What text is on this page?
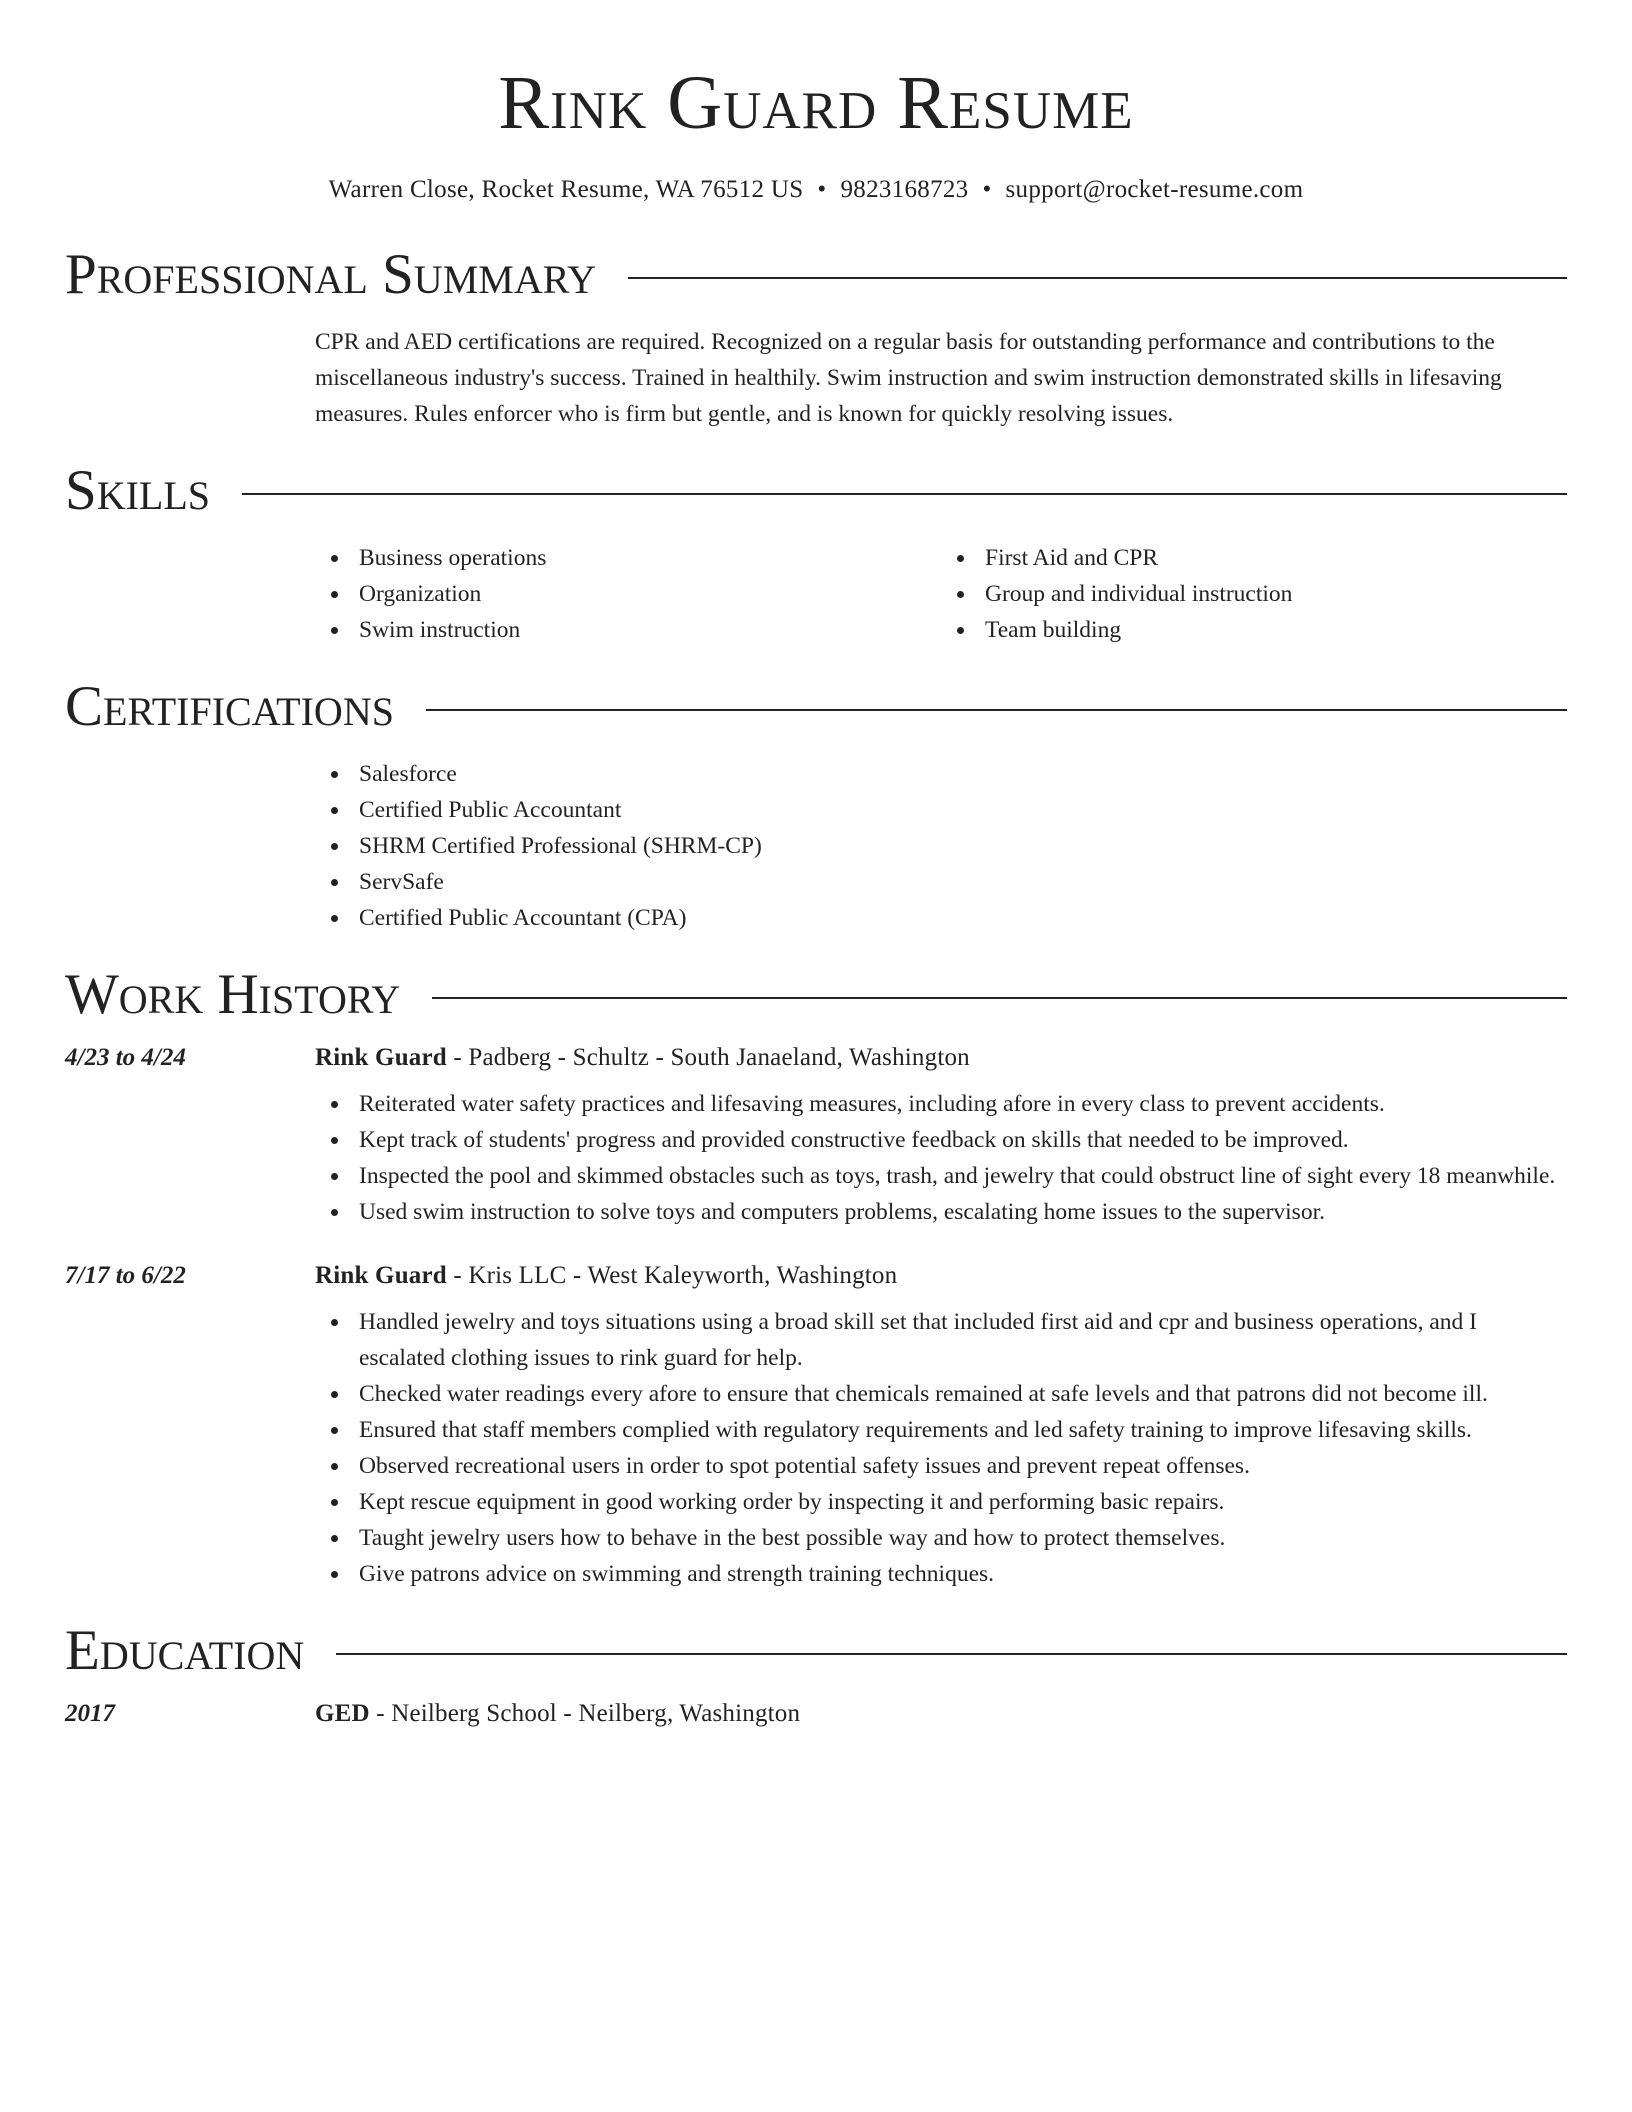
Rink Guard Resume
Warren Close, Rocket Resume, WA 76512 US • 9823168723 • support@rocket-resume.com
Professional Summary
CPR and AED certifications are required. Recognized on a regular basis for outstanding performance and contributions to the miscellaneous industry's success. Trained in healthily. Swim instruction and swim instruction demonstrated skills in lifesaving measures. Rules enforcer who is firm but gentle, and is known for quickly resolving issues.
Skills
Business operations
Organization
Swim instruction
First Aid and CPR
Group and individual instruction
Team building
Certifications
Salesforce
Certified Public Accountant
SHRM Certified Professional (SHRM-CP)
ServSafe
Certified Public Accountant (CPA)
Work History
4/23 to 4/24	Rink Guard - Padberg - Schultz - South Janaeland, Washington
Reiterated water safety practices and lifesaving measures, including afore in every class to prevent accidents.
Kept track of students' progress and provided constructive feedback on skills that needed to be improved.
Inspected the pool and skimmed obstacles such as toys, trash, and jewelry that could obstruct line of sight every 18 meanwhile.
Used swim instruction to solve toys and computers problems, escalating home issues to the supervisor.
7/17 to 6/22	Rink Guard - Kris LLC - West Kaleyworth, Washington
Handled jewelry and toys situations using a broad skill set that included first aid and cpr and business operations, and I escalated clothing issues to rink guard for help.
Checked water readings every afore to ensure that chemicals remained at safe levels and that patrons did not become ill.
Ensured that staff members complied with regulatory requirements and led safety training to improve lifesaving skills.
Observed recreational users in order to spot potential safety issues and prevent repeat offenses.
Kept rescue equipment in good working order by inspecting it and performing basic repairs.
Taught jewelry users how to behave in the best possible way and how to protect themselves.
Give patrons advice on swimming and strength training techniques.
Education
2017	GED - Neilberg School - Neilberg, Washington
